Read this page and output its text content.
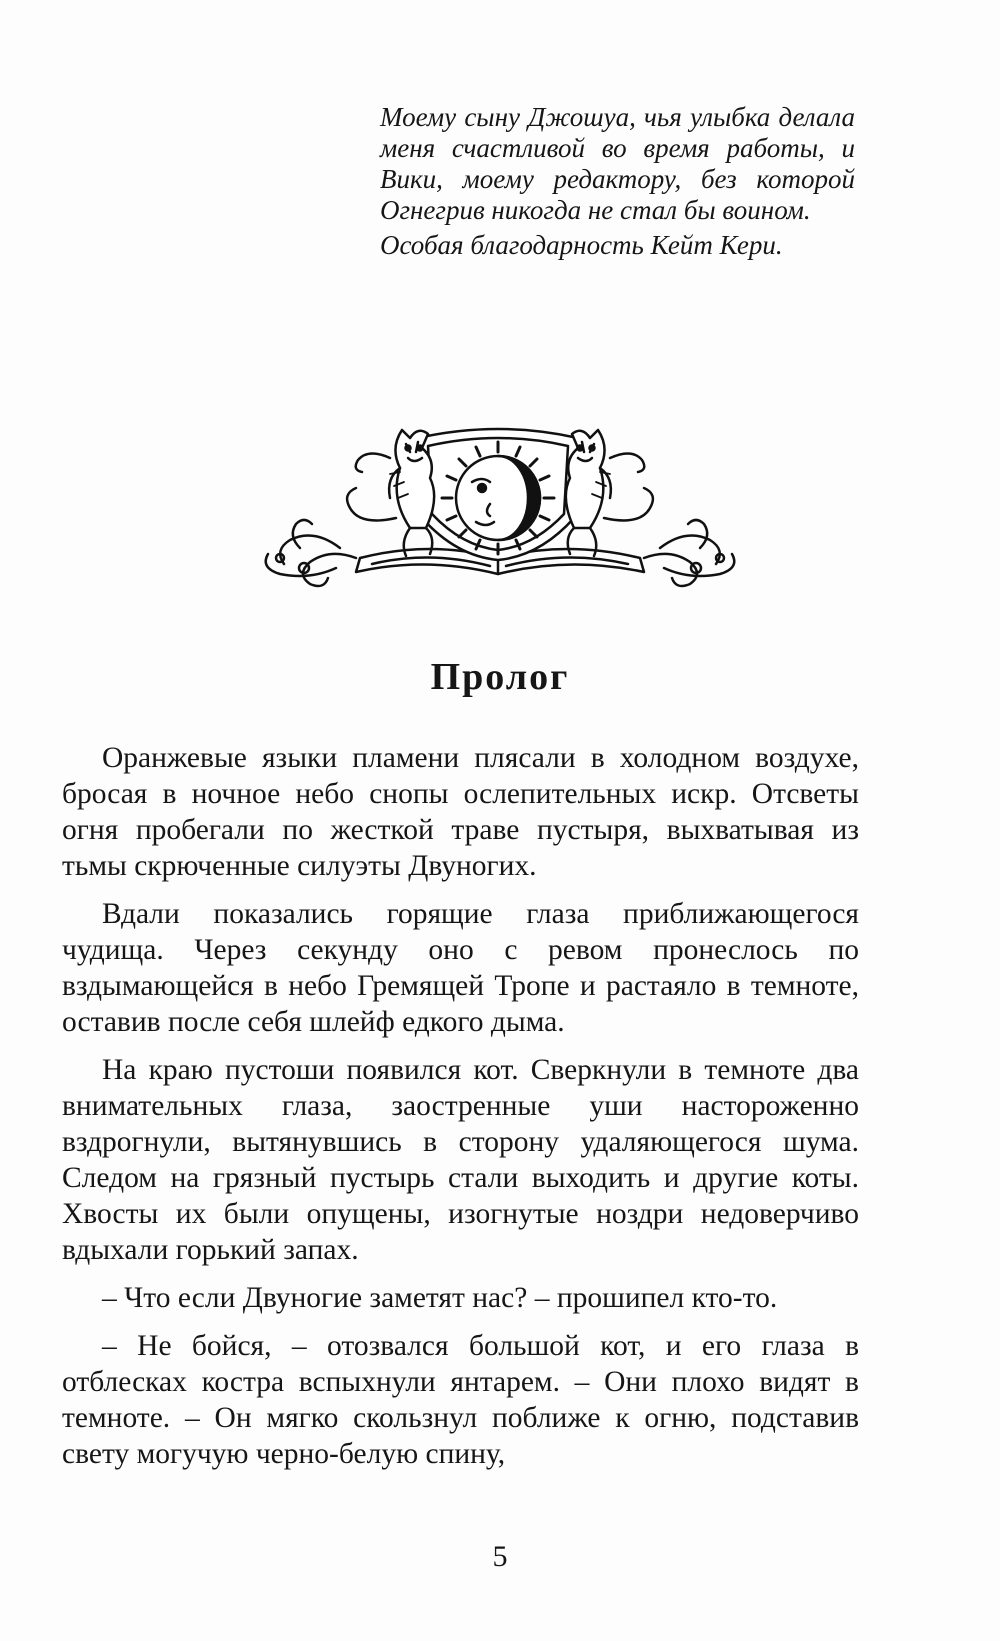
Моему сыну Джошуа, чья улыбка делала меня счастливой во время работы, и Вики, моему редактору, без которой Огнегрив никогда не стал бы воином.

Особая благодарность Кейт Кери.

Пролог

Оранжевые языки пламени плясали в холодном воздухе, бросая в ночное небо снопы ослепительных искр. Отсветы огня пробегали по жесткой траве пустыря, выхватывая из тьмы скрюченные силуэты Двуногих.

Вдали показались горящие глаза приближающегося чудища. Через секунду оно с ревом пронеслось по вздымающейся в небо Гремящей Тропе и растаяло в темноте, оставив после себя шлейф едкого дыма.

На краю пустоши появился кот. Сверкнули в темноте два внимательных глаза, заостренные уши настороженно вздрогнули, вытянувшись в сторону удаляющегося шума. Следом на грязный пустырь стали выходить и другие коты. Хвосты их были опущены, изогнутые ноздри недоверчиво вдыхали горький запах.

– Что если Двуногие заметят нас? – прошипел кто-то.

– Не бойся, – отозвался большой кот, и его глаза в отблесках костра вспыхнули янтарем. – Они плохо видят в темноте. – Он мягко скользнул поближе к огню, подставив свету могучую черно-белую спину,

5
